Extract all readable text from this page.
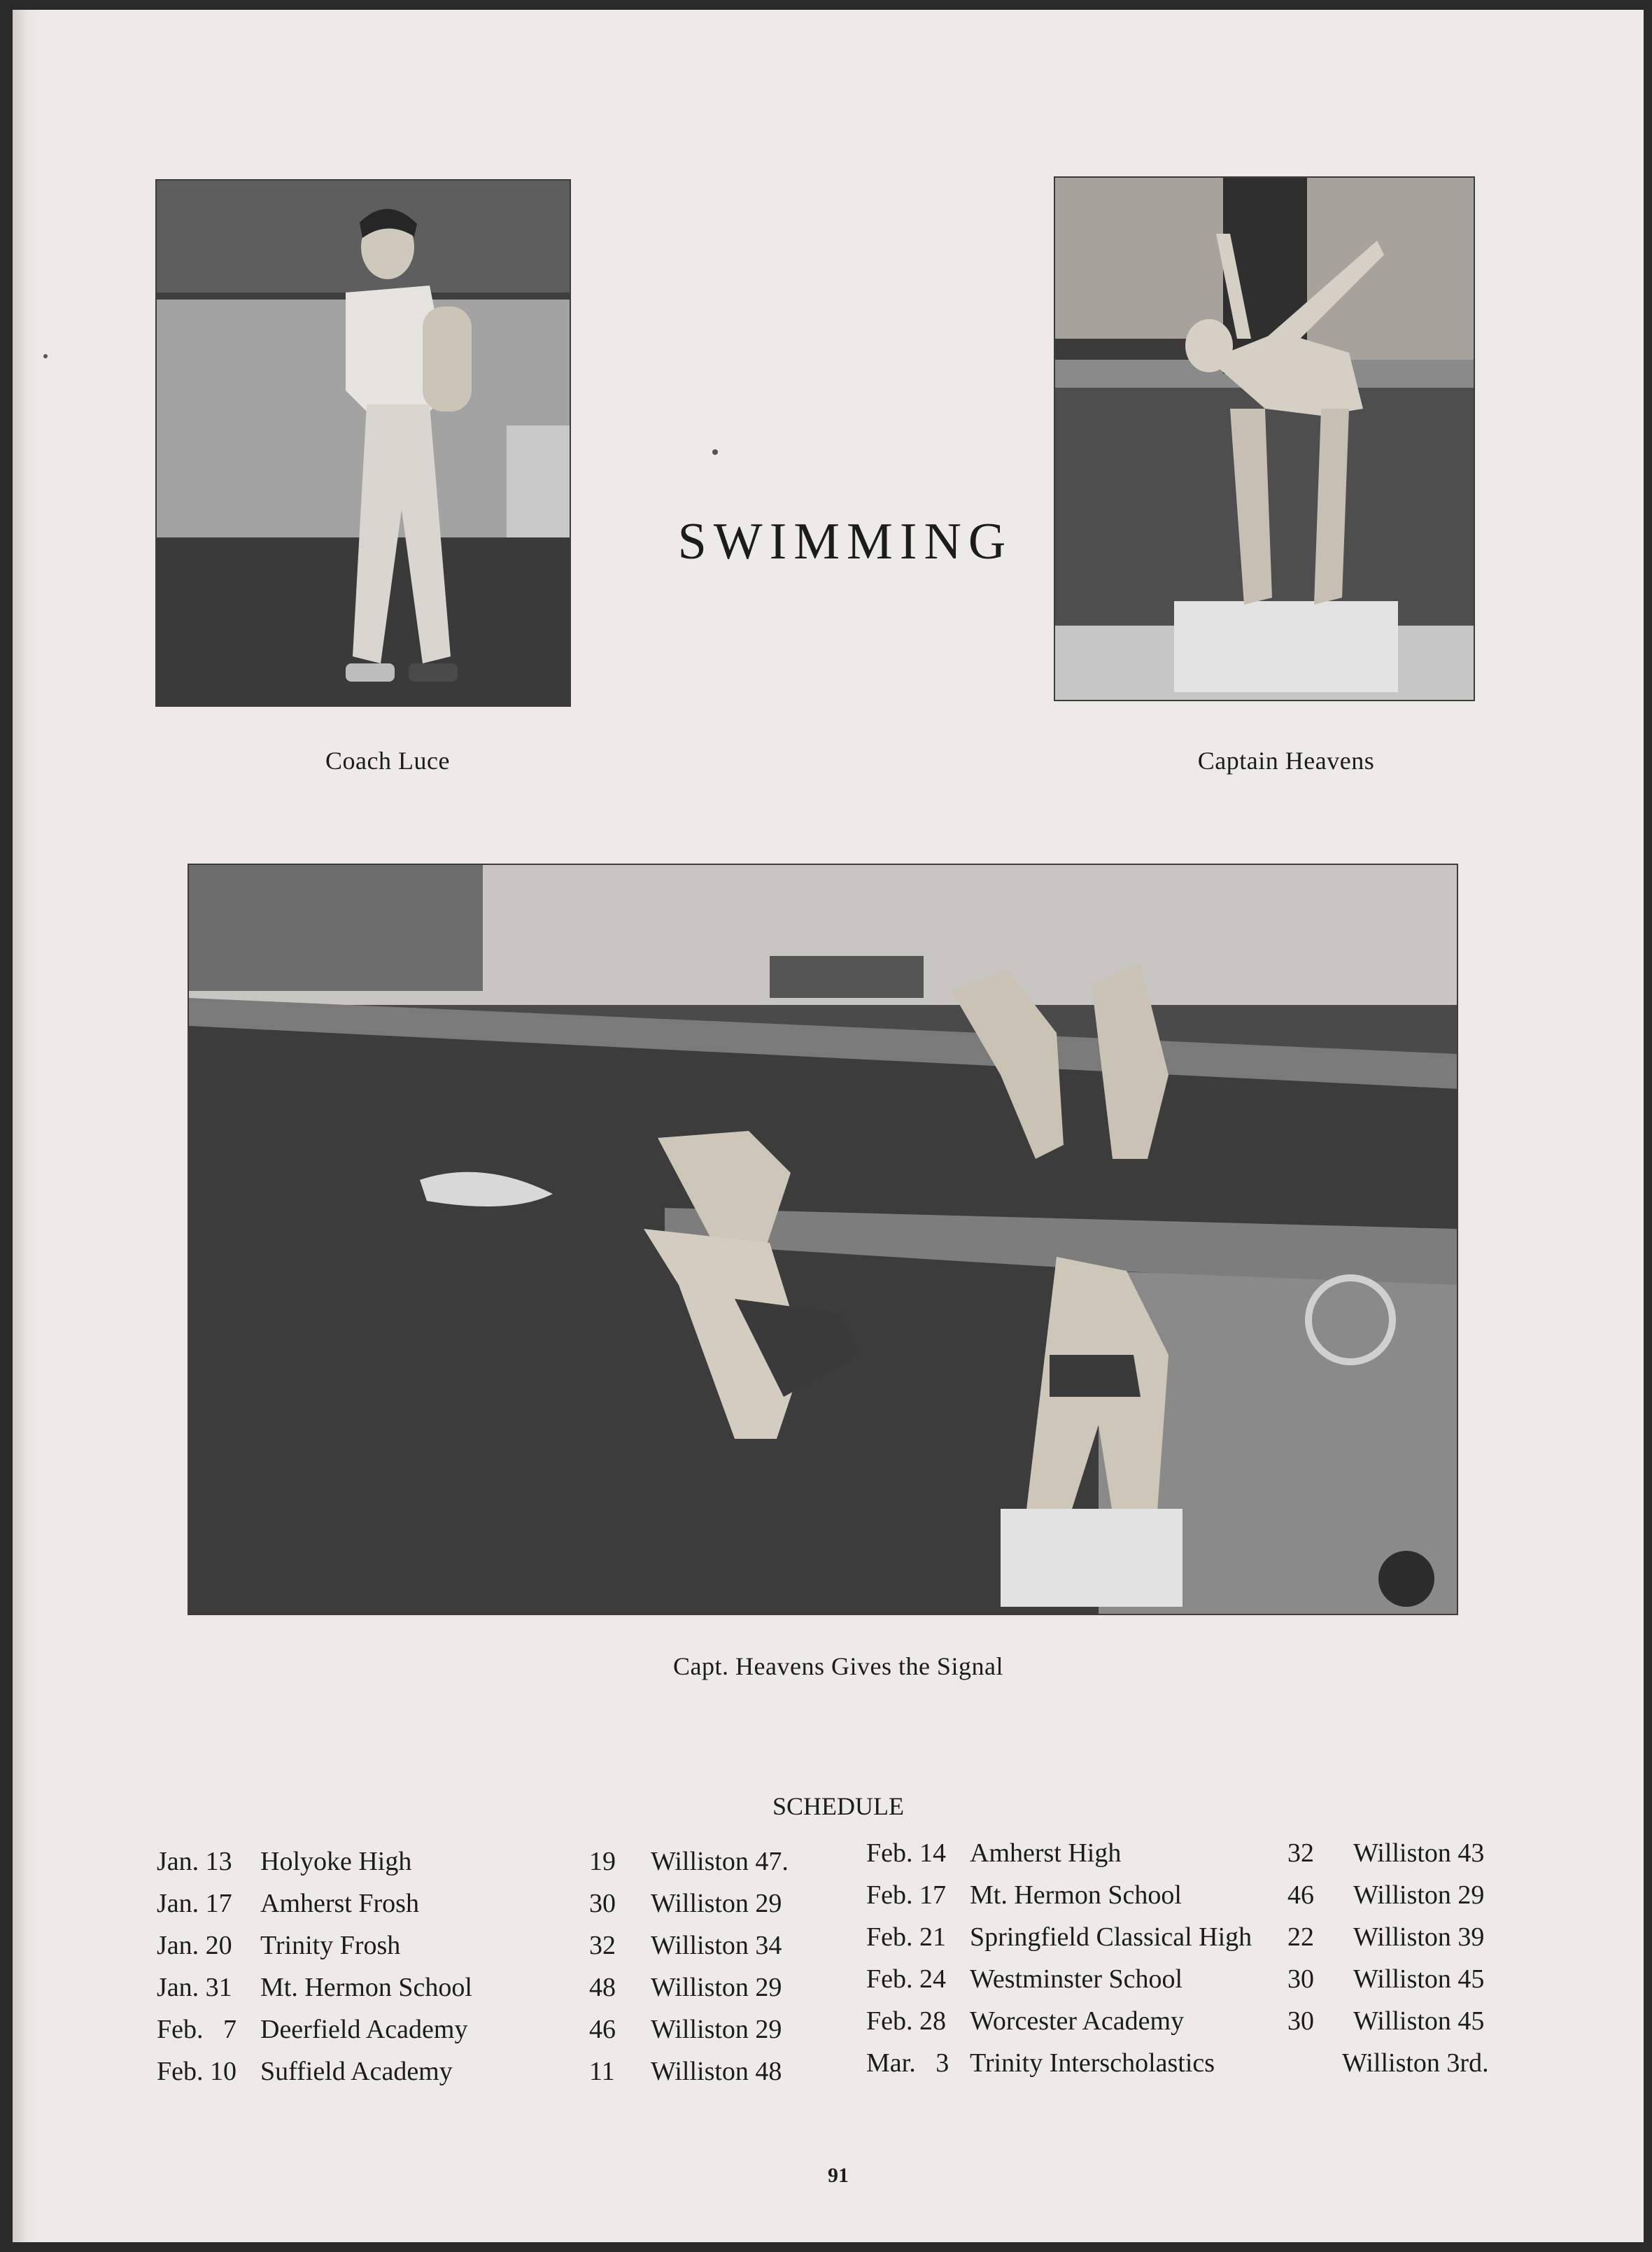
SWIMMING
Coach Luce	Captain Heavens
Capt. Heavens Gives the Signal
SCHEDULE
Jan. 13 Holyoke High	19 Williston 47.
Jan. 17 Amherst Frosh	30 Williston 29
Jan. 20 Trinity Frosh	32 Williston 34
Jan. 31 Mt. Hermon School	48 Williston 29
Feb.   7 Deerfield Academy	46 Williston 29
Feb. 10 Suffield Academy	11 Williston 48
Feb. 14 Amherst High	32 Williston 43
Feb. 17 Mt. Hermon School	46 Williston 29
Feb. 21 Springfield Classical High 22 Williston 39
Feb. 24 Westminster School	30 Williston 45
Feb. 28 Worcester Academy	30 Williston 45
Mar.   3 Trinity Interscholastics	Williston 3rd.
91
